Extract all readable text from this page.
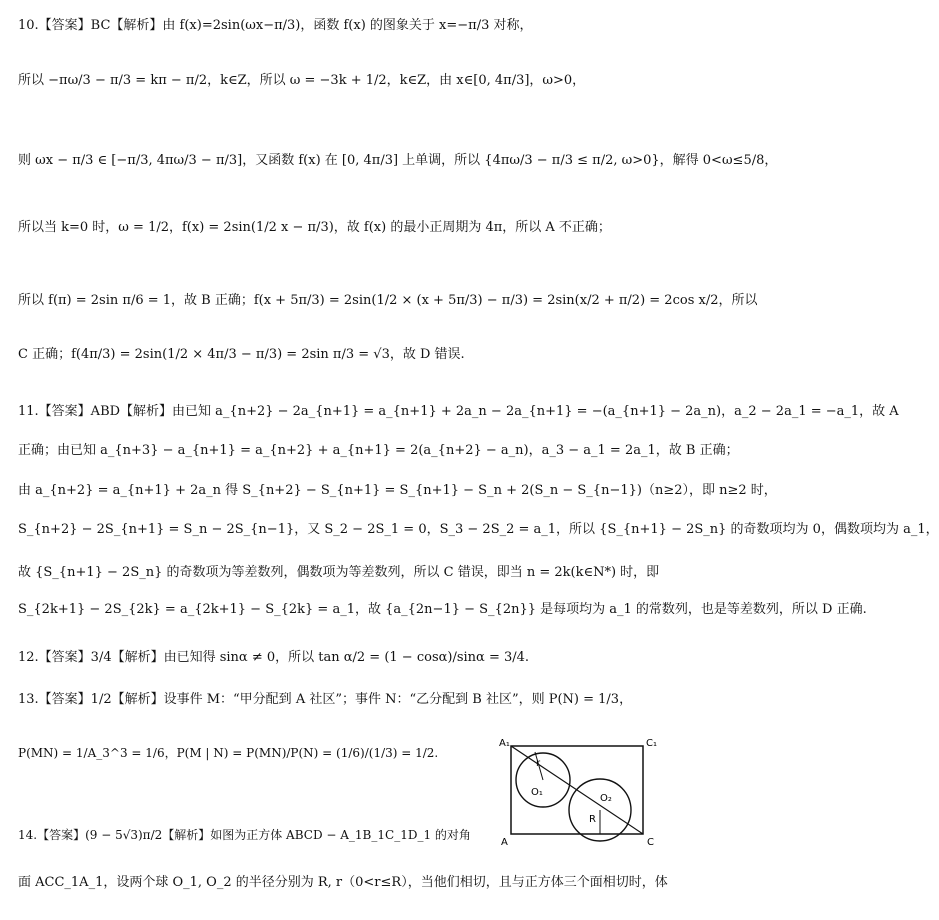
10.【答案】BC【解析】由 f(x)=2sin(ωx−π/3)，函数 f(x) 的图象关于 x=−π/3 对称，
所以 −πω/3 − π/3 = kπ − π/2，k∈Z，所以 ω = −3k + 1/2，k∈Z，由 x∈[0, 4π/3]，ω>0，
则 ωx − π/3 ∈ [−π/3, 4πω/3 − π/3]，又函数 f(x) 在 [0, 4π/3] 上单调，所以 {4πω/3 − π/3 ≤ π/2, ω>0}，解得 0<ω≤5/8，
所以当 k=0 时，ω = 1/2，f(x) = 2sin(1/2 x − π/3)，故 f(x) 的最小正周期为 4π，所以 A 不正确；
所以 f(π) = 2sin π/6 = 1，故 B 正确；f(x + 5π/3) = 2sin(1/2 × (x + 5π/3) − π/3) = 2sin(x/2 + π/2) = 2cos x/2，所以
C 正确；f(4π/3) = 2sin(1/2 × 4π/3 − π/3) = 2sin π/3 = √3，故 D 错误.
11.【答案】ABD【解析】由已知 a_{n+2} − 2a_{n+1} = a_{n+1} + 2a_n − 2a_{n+1} = −(a_{n+1} − 2a_n)，a_2 − 2a_1 = −a_1，故 A
正确；由已知 a_{n+3} − a_{n+1} = a_{n+2} + a_{n+1} = 2(a_{n+2} − a_n)，a_3 − a_1 = 2a_1，故 B 正确；
由 a_{n+2} = a_{n+1} + 2a_n 得 S_{n+2} − S_{n+1} = S_{n+1} − S_n + 2(S_n − S_{n−1})（n≥2），即 n≥2 时，
S_{n+2} − 2S_{n+1} = S_n − 2S_{n−1}，又 S_2 − 2S_1 = 0，S_3 − 2S_2 = a_1，所以 {S_{n+1} − 2S_n} 的奇数项均为 0，偶数项均为 a_1，
故 {S_{n+1} − 2S_n} 的奇数项为等差数列，偶数项为等差数列，所以 C 错误，即当 n = 2k(k∈N*) 时，即
S_{2k+1} − 2S_{2k} = a_{2k+1} − S_{2k} = a_1，故 {a_{2n−1} − S_{2n}} 是每项均为 a_1 的常数列，也是等差数列，所以 D 正确.
12.【答案】3/4【解析】由已知得 sinα ≠ 0，所以 tan α/2 = (1 − cosα)/sinα = 3/4.
13.【答案】1/2【解析】设事件 M：“甲分配到 A 社区”；事件 N：“乙分配到 B 社区”，则 P(N) = 1/3，
P(MN) = 1/A_3^3 = 1/6，P(M | N) = P(MN)/P(N) = (1/6)/(1/3) = 1/2.
14.【答案】(9 − 5√3)π/2【解析】如图为正方体 ABCD − A_1B_1C_1D_1 的对角
面 ACC_1A_1，设两个球 O_1, O_2 的半径分别为 R, r（0<r≤R），当他们相切，且与正方体三个面相切时，体
A₁	C₁
A	C
O₁
O₂
r
R
